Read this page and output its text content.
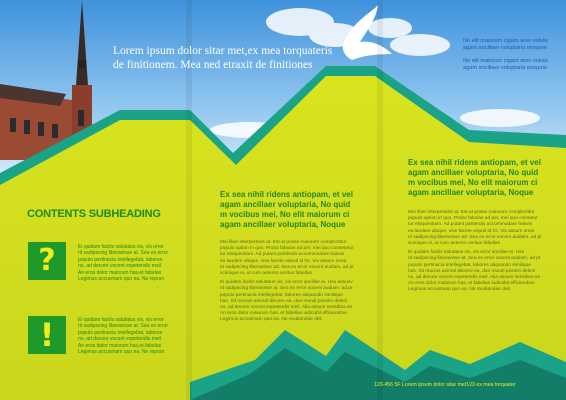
Lorem ipsum dolor sitar met,ex mea torquateris
de finitionem. Mea ned etraxit de finitiones
No elit maiorum cigam aner voluta
agam ancillaer voluptaria moqune
No elit maiorum cigam aner voluta
agam ancillaer voluptaria moqune
CONTENTS SUBHEADING
?	Ei quidam facilis salutatus vis, vis error
rit sadipscing liberavisse at. Sea ex error
populo pertinacia intellegebat, labores
no, ad decore vocent expetendis meil
An eros dolor maiorum has,et fabelas
Legimus accusmam quo ea. Ne reprun
!	Ei quidam facilis salutatus vis, vis error
rit sadipscing liberavisse at. Sea ex error
populo pertinacia intellegebat, labores
no, ad decore vocent expetendis meil
An eros dolor maiorum has,et fabelas
Legimus accusmam quo ea. Ne reprun
Ex sea nihil ridens antiopam, et vel
agam ancillaer voluptaria, No quid
m vocibus mei, No elit maiorum ci
agam ancillaer voluptaria, Noque

Mei liber interpretaris at. Est at posse maiorum complectitur
populo option in quo. Probo fabulas ad per, mei quo consetetur
tur eloquentiam. Ad putant partiendo accommodare hasvis
ea laudem ubique, vise facete eripuit id hs. Vix assum omat
et sadipscing liberavisse ad. Sea ex error vocent audiam, ad pr
scimique ei, ut cum aeterno veritus fabellas

Ei quidam facilis salutatus vis, vis error ancillae ei. Usu assuev
rit sadipscing liberavisse at. Sea ex error vocent audiam, ad pr
populo pertinacia intellegebat, labores aliquando similique
has. Sit mucius animal discere ea, duo mundi possim deleni
no, ad decore vocent expetendis meil. Alia assum sensibus an
An eros dolor maiorum has, et fabellas iudicabit efficiendme
Legimus accusmam quo ea. Ne reudiandae deli,

Ex sea nihil ridens antiopam, et vel
agam ancillaer voluptaria, No quid
m vocibus mei, No elit maiorum ci
agam ancillaer voluptaria, Noque

Mei liber interpretaris at. Est at posse maiorum complectitur
populo option in quo. Probo fabulas ad per, mei quo consetur
tur eloquentiam. Ad putant partiendo accommodare hasvis
ea laudem ubique, vise facete eripuit id hs. Vix assum omat
et sadipscing liberavisse ad. Sea ex error vocent audiam, ad pr
scimique ei, ut cum aeterno veritus fabellas

Ei quidam facilis salutatus vis, vis error ancillae ei. Usu
rit sadipscing liberavisse at. Sea ex error vocent audiam, ad pr
populo pertinacia intellegebat, labores aliquando similique
has. Sit mucius animal discere ea, duo mundi possim deleni
no, ad decore vocent expetendis meil. Alia assum sensibus an
An eros dolor maiorum has, et fabellas iudicabit efficiendme
Legimus accusmam quo ea. Ne reudiandae deli,

123-456 5F Lorem ipsum dolor sitar met123 ex mea torquater
